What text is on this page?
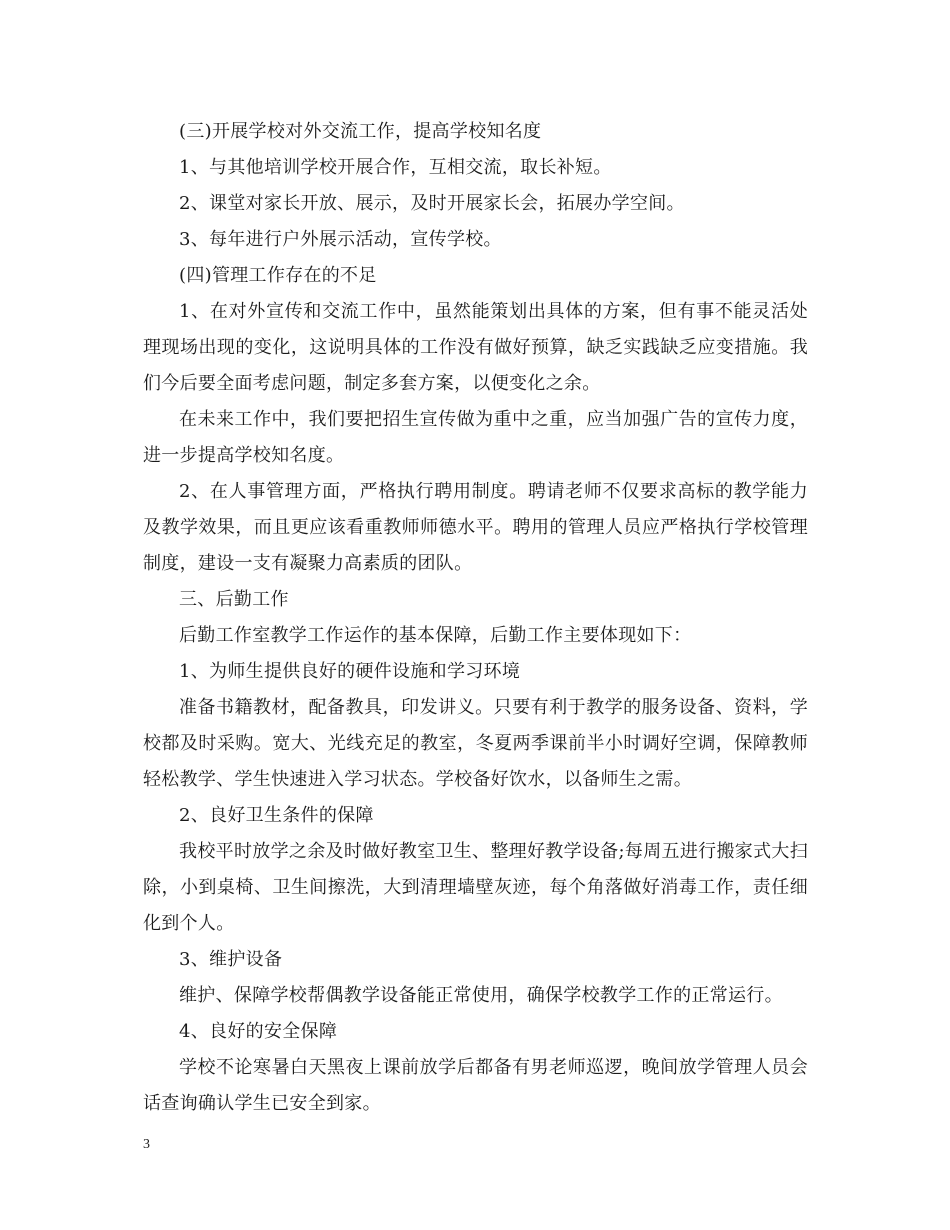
(三)开展学校对外交流工作，提高学校知名度

1、与其他培训学校开展合作，互相交流，取长补短。

2、课堂对家长开放、展示，及时开展家长会，拓展办学空间。

3、每年进行户外展示活动，宣传学校。

(四)管理工作存在的不足

1、在对外宣传和交流工作中，虽然能策划出具体的方案，但有事不能灵活处理现场出现的变化，这说明具体的工作没有做好预算，缺乏实践缺乏应变措施。我们今后要全面考虑问题，制定多套方案，以便变化之余。

在未来工作中，我们要把招生宣传做为重中之重，应当加强广告的宣传力度，进一步提高学校知名度。

2、在人事管理方面，严格执行聘用制度。聘请老师不仅要求高标的教学能力及教学效果，而且更应该看重教师师德水平。聘用的管理人员应严格执行学校管理制度，建设一支有凝聚力高素质的团队。

三、后勤工作

后勤工作室教学工作运作的基本保障，后勤工作主要体现如下：

1、为师生提供良好的硬件设施和学习环境

准备书籍教材，配备教具，印发讲义。只要有利于教学的服务设备、资料，学校都及时采购。宽大、光线充足的教室，冬夏两季课前半小时调好空调，保障教师轻松教学、学生快速进入学习状态。学校备好饮水，以备师生之需。

2、良好卫生条件的保障

我校平时放学之余及时做好教室卫生、整理好教学设备;每周五进行搬家式大扫除，小到桌椅、卫生间擦洗，大到清理墙壁灰迹，每个角落做好消毒工作，责任细化到个人。

3、维护设备

维护、保障学校帮偶教学设备能正常使用，确保学校教学工作的正常运行。

4、良好的安全保障

学校不论寒暑白天黑夜上课前放学后都备有男老师巡逻，晚间放学管理人员会话查询确认学生已安全到家。

3
